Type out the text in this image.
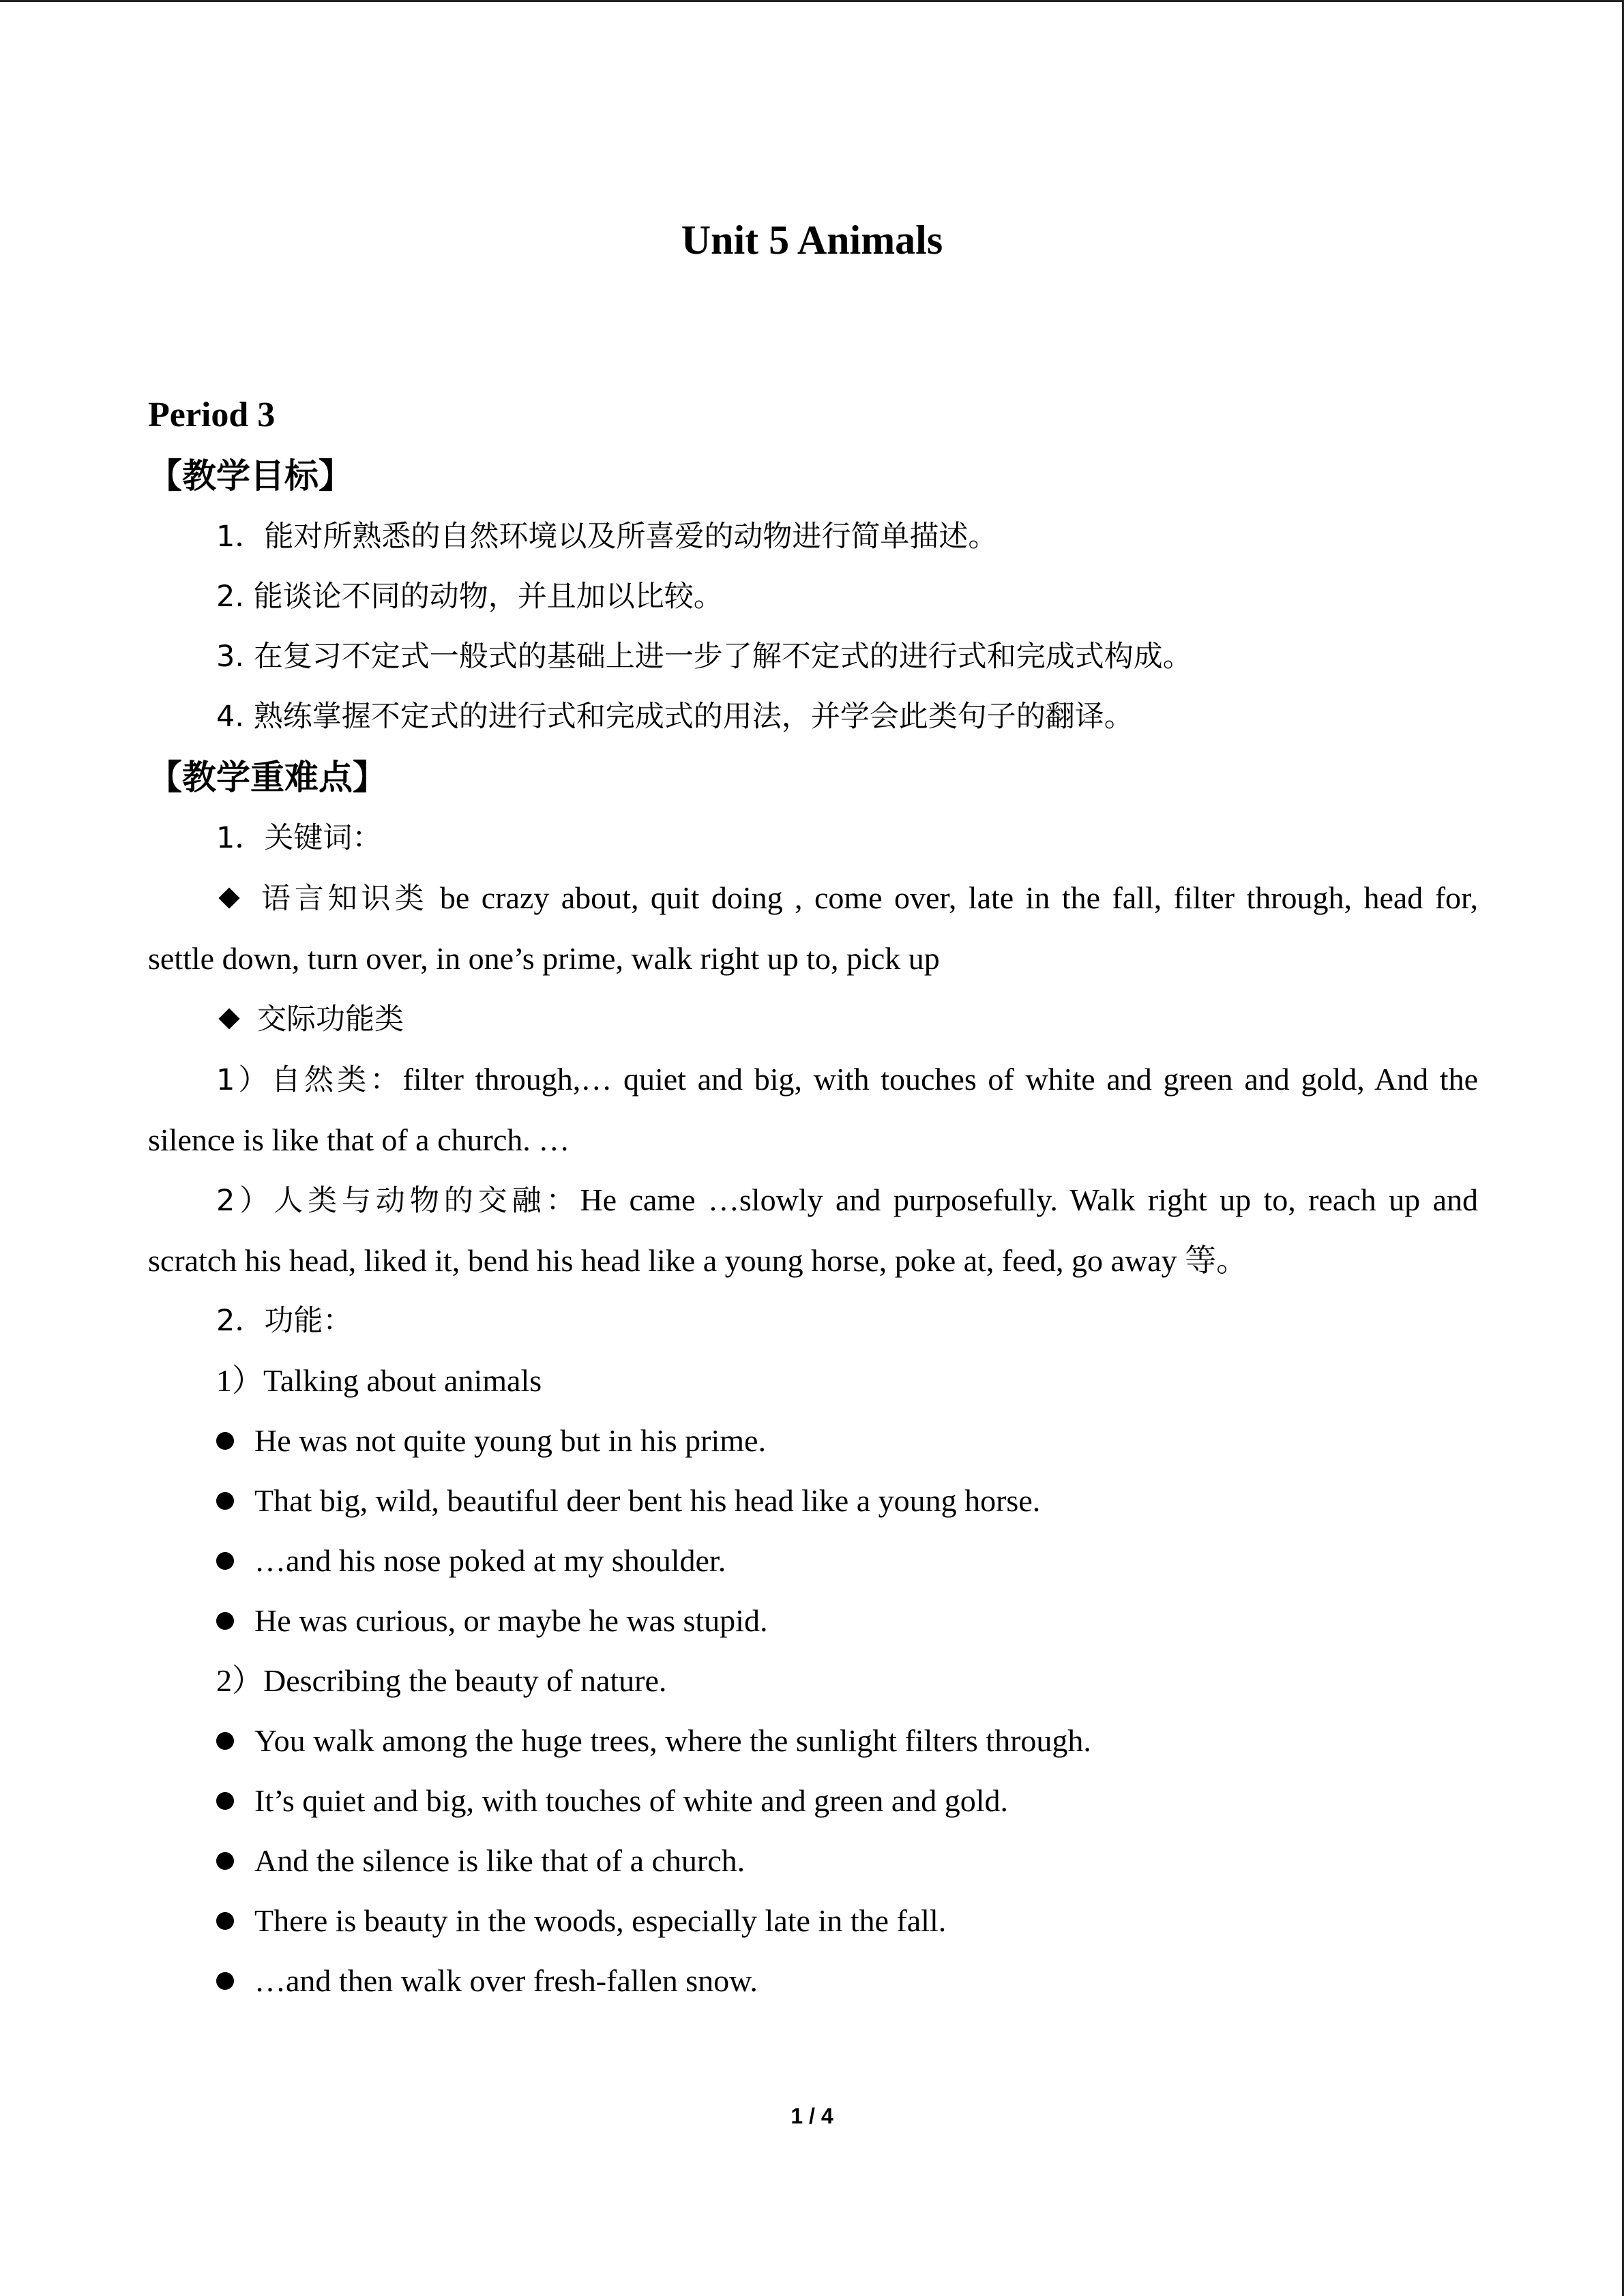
Unit 5 Animals

Period 3

【教学目标】

1．能对所熟悉的自然环境以及所喜爱的动物进行简单描述。

2. 能谈论不同的动物，并且加以比较。

3. 在复习不定式一般式的基础上进一步了解不定式的进行式和完成式构成。

4. 熟练掌握不定式的进行式和完成式的用法，并学会此类句子的翻译。

【教学重难点】

1．关键词：

语言知识类 be crazy about, quit doing , come over, late in the fall, filter through, head for,

settle down, turn over, in one’s prime, walk right up to, pick up

交际功能类

1）自然类：filter through,… quiet and big, with touches of white and green and gold, And the

silence is like that of a church. …

2）人类与动物的交融：He came …slowly and purposefully. Walk right up to, reach up and

scratch his head, liked it, bend his head like a young horse, poke at, feed, go away 等。

2．功能：

1）Talking about animals

He was not quite young but in his prime.

That big, wild, beautiful deer bent his head like a young horse.

…and his nose poked at my shoulder.

He was curious, or maybe he was stupid.

2）Describing the beauty of nature.

You walk among the huge trees, where the sunlight filters through.

It’s quiet and big, with touches of white and green and gold.

And the silence is like that of a church.

There is beauty in the woods, especially late in the fall.

…and then walk over fresh-fallen snow.

1 / 4
